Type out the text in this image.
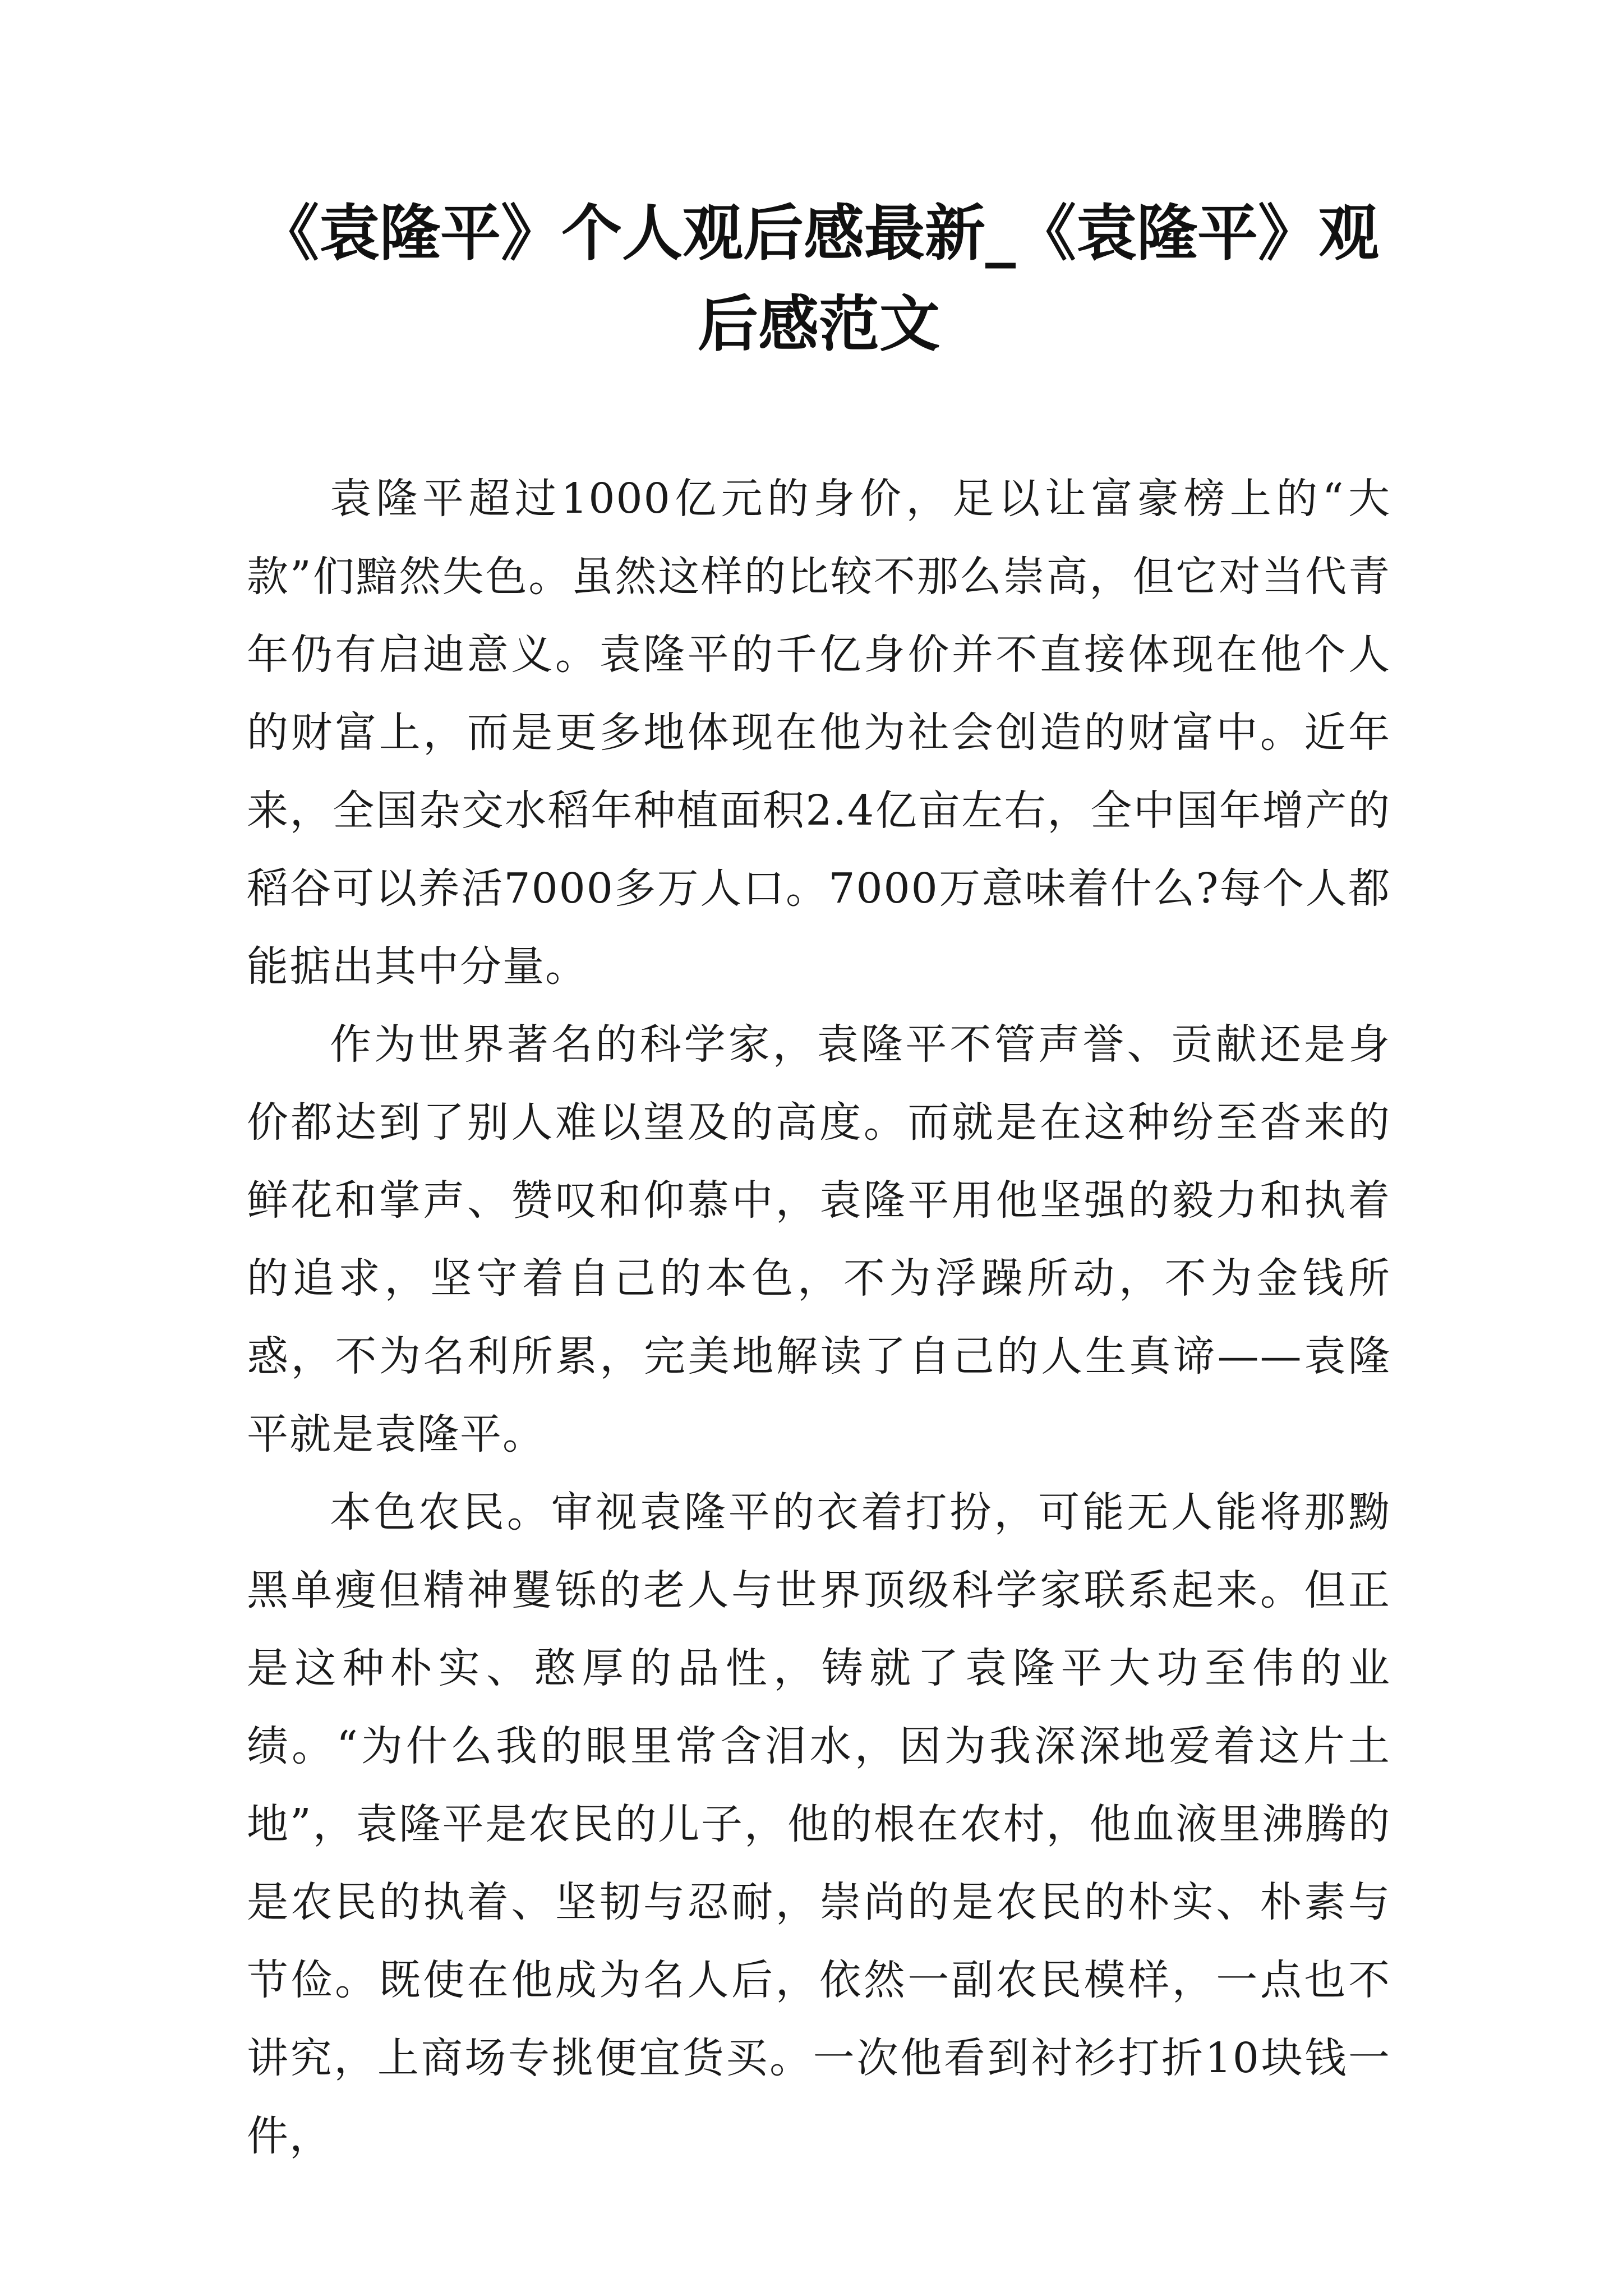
《袁隆平》个人观后感最新_《袁隆平》观后感范文

袁隆平超过1000亿元的身价，足以让富豪榜上的“大款”们黯然失色。虽然这样的比较不那么崇高，但它对当代青年仍有启迪意义。袁隆平的千亿身价并不直接体现在他个人的财富上，而是更多地体现在他为社会创造的财富中。近年来，全国杂交水稻年种植面积2.4亿亩左右，全中国年增产的稻谷可以养活7000多万人口。7000万意味着什么?每个人都能掂出其中分量。

作为世界著名的科学家，袁隆平不管声誉、贡献还是身价都达到了别人难以望及的高度。而就是在这种纷至沓来的鲜花和掌声、赞叹和仰慕中，袁隆平用他坚强的毅力和执着的追求，坚守着自己的本色，不为浮躁所动，不为金钱所惑，不为名利所累，完美地解读了自己的人生真谛——袁隆平就是袁隆平。

本色农民。审视袁隆平的衣着打扮，可能无人能将那黝黑单瘦但精神矍铄的老人与世界顶级科学家联系起来。但正是这种朴实、憨厚的品性，铸就了袁隆平大功至伟的业绩。“为什么我的眼里常含泪水，因为我深深地爱着这片土地”，袁隆平是农民的儿子，他的根在农村，他血液里沸腾的是农民的执着、坚韧与忍耐，崇尚的是农民的朴实、朴素与节俭。既使在他成为名人后，依然一副农民模样，一点也不讲究，上商场专挑便宜货买。一次他看到衬衫打折10块钱一件，
